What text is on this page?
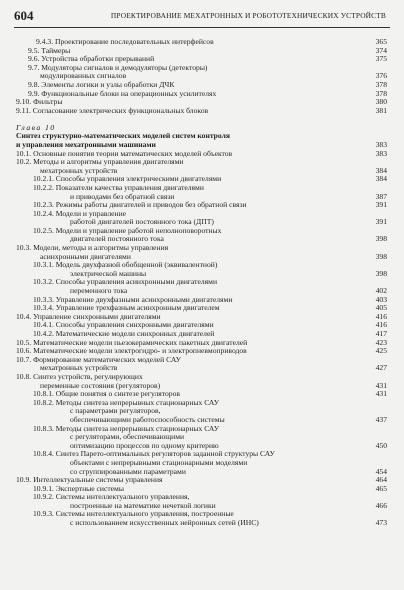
604	ПРОЕКТИРОВАНИЕ МЕХАТРОННЫХ И РОБОТОТЕХНИЧЕСКИХ УСТРОЙСТВ
9.4.3. Проектирование последовательных интерфейсов	365
9.5. Таймеры	374
9.6. Устройства обработки прерываний	375
9.7. Модуляторы сигналов и демодуляторы (детекторы)
модулированных сигналов	376
9.8. Элементы логики и узлы обработки ДЧК	378
9.9. Функциональные блоки на операционных усилителях	378
9.10. Фильтры	380
9.11. Согласование электрических функциональных блоков	381
Глава 10
Синтез структурно-математических моделей систем контроля
и управления мехатронными машинами	383
10.1. Основные понятия теории математических моделей объектов	383
10.2. Методы и алгоритмы управления двигателями
мехатронных устройств	384
10.2.1. Способы управления электрическими двигателями	384
10.2.2. Показатели качества управления двигателями
и приводами без обратной связи	387
10.2.3. Режимы работы двигателей и приводов без обратной связи	391
10.2.4. Модели и управление
работой двигателей постоянного тока (ДПТ)	391
10.2.5. Модели и управление работой неполноповоротных
двигателей постоянного тока	398
10.3. Модели, методы и алгоритмы управления
асинхронными двигателями	398
10.3.1. Модель двухфазной обобщенной (эквивалентной)
электрической машины	398
10.3.2. Способы управления асинхронными двигателями
переменного тока	402
10.3.3. Управление двухфазными асинхронными двигателями	403
10.3.4. Управление трехфазным асинхронным двигателем	405
10.4. Управление синхронными двигателями	416
10.4.1. Способы управления синхронными двигателями	416
10.4.2. Математические модели синхронных двигателей	417
10.5. Математические модели пьезокерамических пакетных двигателей	423
10.6. Математические модели электрогидро- и электропневмоприводов	425
10.7. Формирование математических моделей САУ
мехатронных устройств	427
10.8. Синтез устройств, регулирующих
переменные состояния (регуляторов)	431
10.8.1. Общие понятия о синтезе регуляторов	431
10.8.2. Методы синтеза непрерывных стационарных САУ
с параметрами регуляторов,
обеспечивающими работоспособность системы	437
10.8.3. Методы синтеза непрерывных стационарных САУ
с регуляторами, обеспечивающими
оптимизацию процессов по одному критерию	450
10.8.4. Синтез Парето-оптимальных регуляторов заданной структуры САУ
объектами с непрерывными стационарными моделями
со сгруппированными параметрами	454
10.9. Интеллектуальные системы управления	464
10.9.1. Экспертные системы	465
10.9.2. Системы интеллектуального управления,
построенные на математике нечеткой логики	466
10.9.3. Системы интеллектуального управления, построенные
с использованием искусственных нейронных сетей (ИНС)	473
